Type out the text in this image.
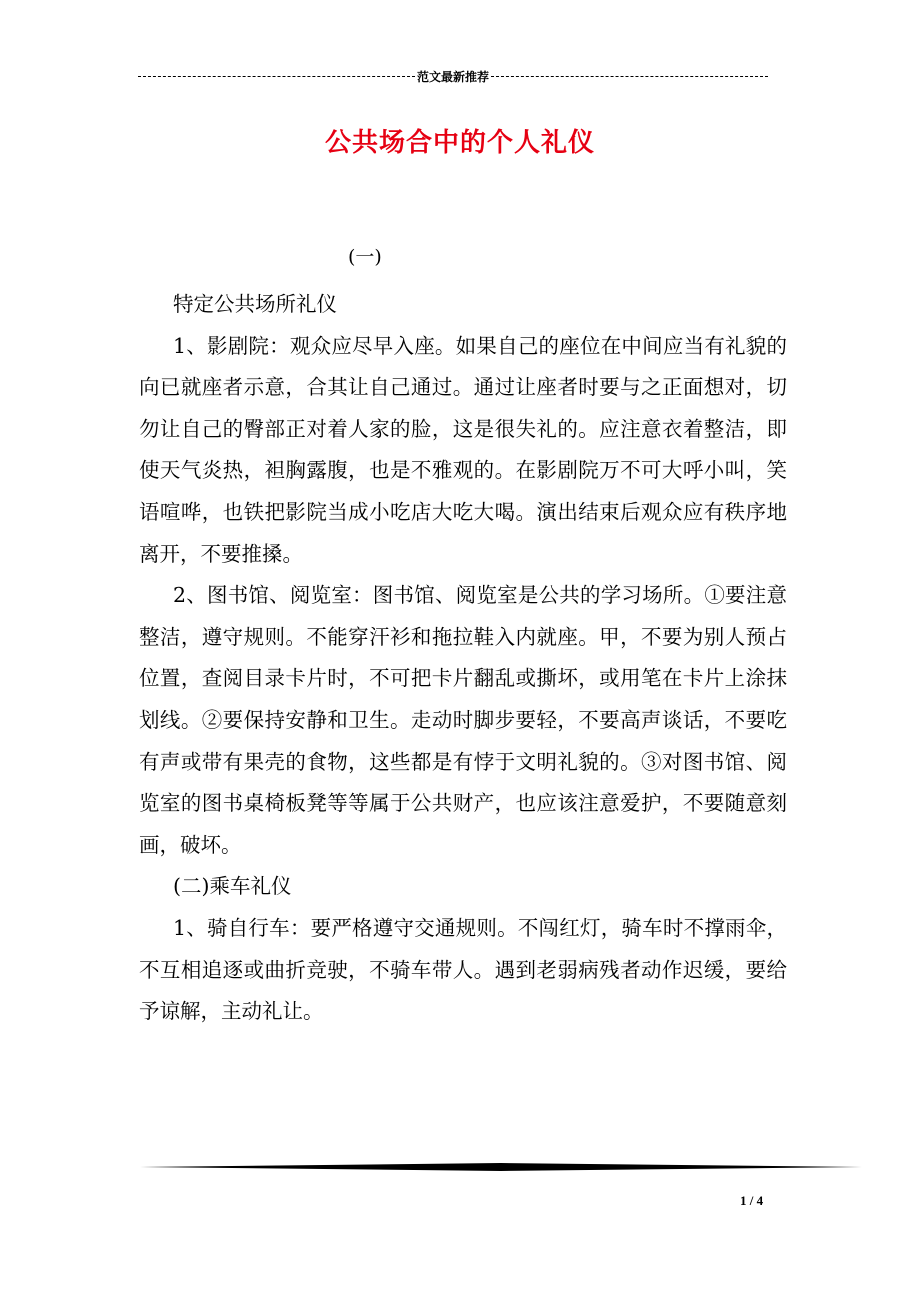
范文最新推荐
公共场合中的个人礼仪
(一)

特定公共场所礼仪

1、影剧院：观众应尽早入座。如果自己的座位在中间应当有礼貌的向已就座者示意，合其让自己通过。通过让座者时要与之正面想对，切勿让自己的臀部正对着人家的脸，这是很失礼的。应注意衣着整洁，即使天气炎热，袒胸露腹，也是不雅观的。在影剧院万不可大呼小叫，笑语喧哗，也铁把影院当成小吃店大吃大喝。演出结束后观众应有秩序地离开，不要推搡。

2、图书馆、阅览室：图书馆、阅览室是公共的学习场所。①要注意整洁，遵守规则。不能穿汗衫和拖拉鞋入内就座。甲，不要为别人预占位置，查阅目录卡片时，不可把卡片翻乱或撕坏，或用笔在卡片上涂抹划线。②要保持安静和卫生。走动时脚步要轻，不要高声谈话，不要吃有声或带有果壳的食物，这些都是有悖于文明礼貌的。③对图书馆、阅览室的图书桌椅板凳等等属于公共财产，也应该注意爱护，不要随意刻画，破坏。

(二)乘车礼仪

1、骑自行车：要严格遵守交通规则。不闯红灯，骑车时不撑雨伞，不互相追逐或曲折竞驶，不骑车带人。遇到老弱病残者动作迟缓，要给予谅解，主动礼让。

1 / 4
